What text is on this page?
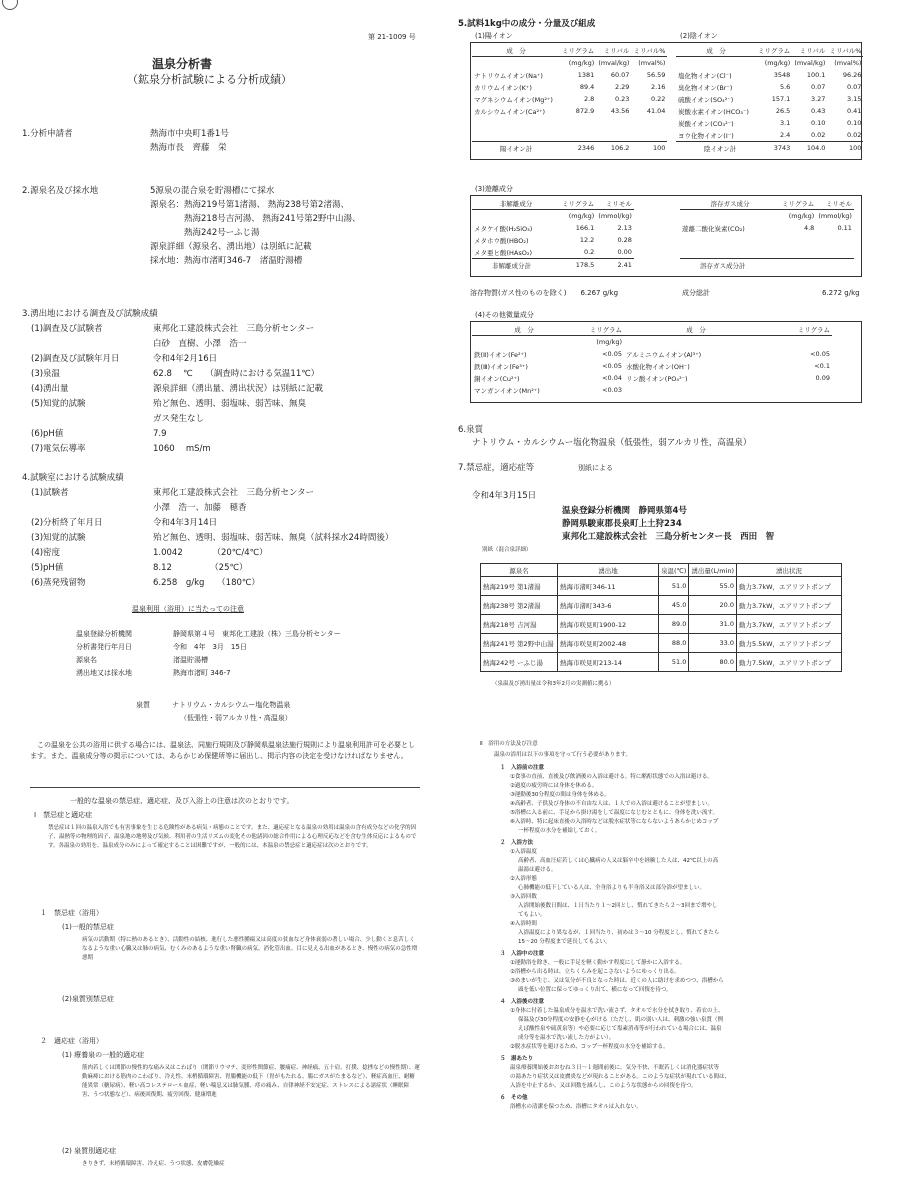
第 21-1009 号
温泉分析書
（鉱泉分析試験による分析成績）
1.分析申請者	熱海市中央町1番1号
熱海市長　齊藤　栄
2.源泉名及び採水地	5源泉の混合泉を貯湯槽にて採水
源泉名：熱海219号第1渚湯、 熱海238号第2渚湯、
　　　　熱海218号吉河湯、 熱海241号第2野中山湯、
　　　　熱海242号ーふじ湯
源泉詳細（源泉名、湧出地）は別紙に記載
採水地：熱海市渚町346-7　渚温貯湯槽
3.湧出地における調査及び試験成績
(1)調査及び試験者	東邦化工建設株式会社　三島分析センター
	白砂　直樹、小澤　浩一
(2)調査及び試験年月日	令和4年2月16日
(3)泉温	62.8　 ℃　　（調査時における気温11℃）
(4)湧出量	源泉詳細（湧出量、湧出状況）は別紙に記載
(5)知覚的試験	殆ど無色、透明、弱塩味、弱苦味、無臭
	ガス発生なし
(6)pH値	7.9
(7)電気伝導率	1060　 mS/m
4.試験室における試験成績
(1)試験者	東邦化工建設株式会社　三島分析センター
	小澤　浩一、加藤　穂香
(2)分析終了年月日	令和4年3月14日
(3)知覚的試験	殆ど無色、透明、弱塩味、弱苦味、無臭（試料採水24時間後）
(4)密度	1.0042　　　　（20℃/4℃）
(5)pH値	8.12　　　　　（25℃）
(6)蒸発残留物	6.258　g/kg　　（180℃）
温泉利用（浴用）に当たっての注意
温泉登録分析機関	静岡県第４号　東邦化工建設（株）三島分析センター
分析書発行年月日	令和　4年　3月　15日
源泉名	渚温貯湯槽
湧出地又は採水地	熱海市渚町 346-7
泉質	ナトリウム・カルシウムー塩化物温泉
（低張性・弱アルカリ性・高温泉）
この温泉を公共の浴用に供する場合には、温泉法、同施行規則及び静岡県温泉法施行規則により温泉利用許可を必要とします。また、温泉成分等の掲示については、あらかじめ保健所等に届出し、掲示内容の決定を受けなければなりません。
一般的な温泉の禁忌症、適応症、及び入浴上の注意は次のとおりです。
Ⅰ　禁忌症と適応症
禁忌症は１回の温泉入浴でも有害事象を生じる危険性がある病気・病態のことです。また、適応症となる温泉の効用は温泉の含有成分などの化学的因子、温熱等の物理的因子、温泉地の地勢及び気候、利用者の生活リズムの変化その他諸因の総合作用による心理反応などを含む生体反応によるものです。各温泉の効用を、温泉成分のみによって確定することは困難ですが、一般的には、本温泉の禁忌症と適応症は次のとおりです。
１　禁忌症（浴用）
(1)一般的禁忌症
病気の活動期（特に熱のあるとき）、活動性の結核、進行した悪性腫瘍又は高度の貧血など身体衰弱の著しい場合、少し動くと息苦しくなるような重い心臓又は肺の病気、むくみのあるような重い腎臓の病気、消化管出血、目に見える出血があるとき、慢性の病気の急性増悪期
(2)泉質別禁忌症
２　適応症（浴用）
(1) 療養泉の一般的適応症
筋肉若しくは関節の慢性的な痛み又はこわばり（関節リウマチ、変形性関節症、腰痛症、神経痛、五十肩、打撲、捻挫などの慢性期）、運動麻痺における筋肉のこわばり、冷え性、末梢循環障害、胃腸機能の低下（胃がもたれる、腸にガスがたまるなど）、軽症高血圧、耐糖能異常（糖尿病）、軽い高コレステロール血症、軽い喘息又は肺気腫、痔の痛み、自律神経不安定症、ストレスによる諸症状（睡眠障害、うつ状態など）、病後回復期、疲労回復、健康増進
(2) 泉質別適応症
きりきず、末梢循環障害、冷え症、うつ状態、皮膚乾燥症
5.試料1kg中の成分・分量及び組成
(1)陽イオン	(2)陰イオン
成　分	ミリグラム	ミリバル	ミリバル%
	(mg/kg)	(mval/kg)	(mval%)
ナトリウムイオン(Na⁺)	1381	60.07	56.59
カリウムイオン(K⁺)	89.4	2.29	2.16
マグネシウムイオン(Mg²⁺)	2.8	0.23	0.22
カルシウムイオン(Ca²⁺)	872.9	43.56	41.04

陽イオン計	2346	106.2	100
成　分	ミリグラム	ミリバル	ミリバル%
	(mg/kg)	(mval/kg)	(mval%)
塩化物イオン(Cl⁻)	3548	100.1	96.26
臭化物イオン(Br⁻)	5.6	0.07	0.07
硫酸イオン(SO₄²⁻)	157.1	3.27	3.15
炭酸水素イオン(HCO₃⁻)	26.5	0.43	0.41
炭酸イオン(CO₃²⁻)	3.1	0.10	0.10
ヨウ化物イオン(I⁻)	2.4	0.02	0.02
陰イオン計	3743	104.0	100
(3)遊離成分
非解離成分	ミリグラム	ミリモル
	(mg/kg)	(mmol/kg)
メタケイ酸(H₂SiO₃)	166.1	2.13
メタホウ酸(HBO₂)	12.2	0.28
メタ亜ヒ酸(HAsO₂)	0.2	0.00
非解離成分計	178.5	2.41
溶存ガス成分	ミリグラム	ミリモル
	(mg/kg)	(mmol/kg)
遊離二酸化炭素(CO₂)	4.8	0.11

溶存ガス成分計		
溶存物質(ガス性のものを除く)　　6.267 g/kg	成分総計	6.272 g/kg
(4)その他微量成分
成　分	ミリグラム	成　分	ミリグラム
	(mg/kg)		
鉄(Ⅱ)イオン(Fe²⁺)	<0.05	アルミニウムイオン(Al³⁺)	<0.05
鉄(Ⅲ)イオン(Fe³⁺)	<0.05	水酸化物イオン(OH⁻)	<0.1
銅イオン(Cu²⁺)	<0.04	リン酸イオン(PO₄³⁻)	0.09
マンガンイオン(Mn²⁺)	<0.03		
6.泉質
ナトリウム・カルシウムー塩化物温泉（低張性，弱アルカリ性，高温泉）
7.禁忌症，適応症等	別紙による
令和4年3月15日
温泉登録分析機関　静岡県第4号
静岡県駿東郡長泉町上土狩234
東邦化工建設株式会社　三島分析センター長　西田　智
別紙（混合泉詳細）
源泉名	湧出地	泉温(℃)	湧出量(L/min)	湧出状況
熱海219号 第1渚湯	熱海市渚町346-11	51.0	55.0	動力3.7kW，エアリフトポンプ
熱海238号 第2渚湯	熱海市渚町343-6	45.0	20.0	動力3.7kW，エアリフトポンプ
熱海218号 吉河湯	熱海市咲見町1900-12	89.0	31.0	動力3.7kW，エアリフトポンプ
熱海241号 第2野中山湯	熱海市咲見町2002-48	88.0	33.0	動力5.5kW，エアリフトポンプ
熱海242号 ーふじ湯	熱海市咲見町213-14	51.0	80.0	動力7.5kW，エアリフトポンプ
（泉温及び湧出量は令和3年2月の実測値に拠る）
Ⅱ　浴用の方法及び注意
温泉の浴用は以下の事項を守って行う必要があります。
１　入浴前の注意
①食事の直前、直後及び飲酒後の入浴は避ける。特に酩酊状態での入浴は避ける。
②過度の疲労時には身体を休める。
③運動後30分程度の間は身体を休める。
④高齢者、子供及び身体の不自由な人は、１人での入浴は避けることが望ましい。
⑤浴槽に入る前に、手足から掛け湯をして温度になじむとともに、身体を洗い流す。
⑥入浴時、特に起床直後の入浴時などは脱水症状等にならないようあらかじめコップ
一杯程度の水分を補給しておく。
２　入浴方法
①入浴温度
高齢者、高血圧症若しくは心臓病の人又は脳卒中を経験した人は、42℃以上の高
温湯は避ける。
②入浴形態
心肺機能の低下している人は、全身浴よりも半身浴又は部分浴が望ましい。
③入浴回数
入浴開始後数日間は、１日当たり１〜2回とし、慣れてきたら２〜3回まで増やし
てもよい。
④入浴時間
入浴温度により異なるが、１回当たり、初めは３〜10 分程度とし、慣れてきたら
15〜20 分程度まで延長してもよい。
３　入浴中の注意
①運動浴を除き、一般に手足を軽く動かす程度にして静かに入浴する。
②浴槽から出る時は、立ちくらみを起こさないようにゆっくり出る。
③めまいが生じ、又は気分が不良となった時は、近くの人に助けを求めつつ、浴槽から
頭を低い位置に保ってゆっくり出て、横になって回復を待つ。
４　入浴後の注意
①身体に付着した温泉成分を温水で洗い流さず、タオルで水分を拭き取り、着衣の上、
保温及び30分程度の安静を心がける（ただし、肌の弱い人は、刺激の強い泉質（例
えば酸性泉や硫黄泉等）や必要に応じて塩素消毒等が行われている場合には、温泉
成分等を温水で洗い流した方がよい）。
②脱水症状等を避けるため、コップ一杯程度の水分を補給する。
５　湯あたり
温泉療養開始後おおむね３日〜１週間前後に、気分不快、不眠若しくは消化器症状等
の湯あたり症状又は皮膚炎などが現れることがある。このような症状が現れている間は、
入浴を中止するか、又は回数を減らし、このような状態からの回復を待つ。
６　その他
浴槽水の清潔を保つため、浴槽にタオルは入れない。
